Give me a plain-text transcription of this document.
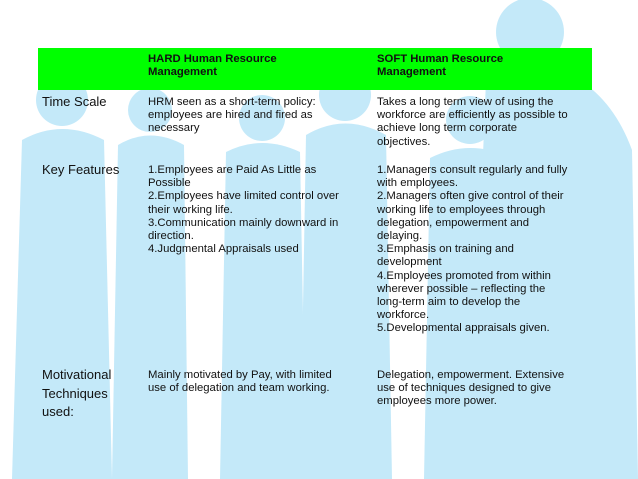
HARD Human Resource
Management
SOFT Human Resource
Management
Time Scale	HRM seen as a short-term policy:
employees are hired and fired as
necessary
Takes a long term view of using the
workforce are efficiently as possible to
achieve long term corporate
objectives.
Key Features	1.Employees are Paid As Little as
Possible
2.Employees have limited control over
their working life.
3.Communication mainly downward in
direction.
4.Judgmental Appraisals used
1.Managers consult regularly and fully
with employees.
2.Managers often give control of their
working life to employees through
delegation, empowerment and
delaying.
3.Emphasis on training and
development
4.Employees promoted from within
wherever possible – reflecting the
long-term aim to develop the
workforce.
5.Developmental appraisals given.
Motivational
Techniques
used:
Mainly motivated by Pay, with limited
use of delegation and team working.
Delegation, empowerment. Extensive
use of techniques designed to give
employees more power.
